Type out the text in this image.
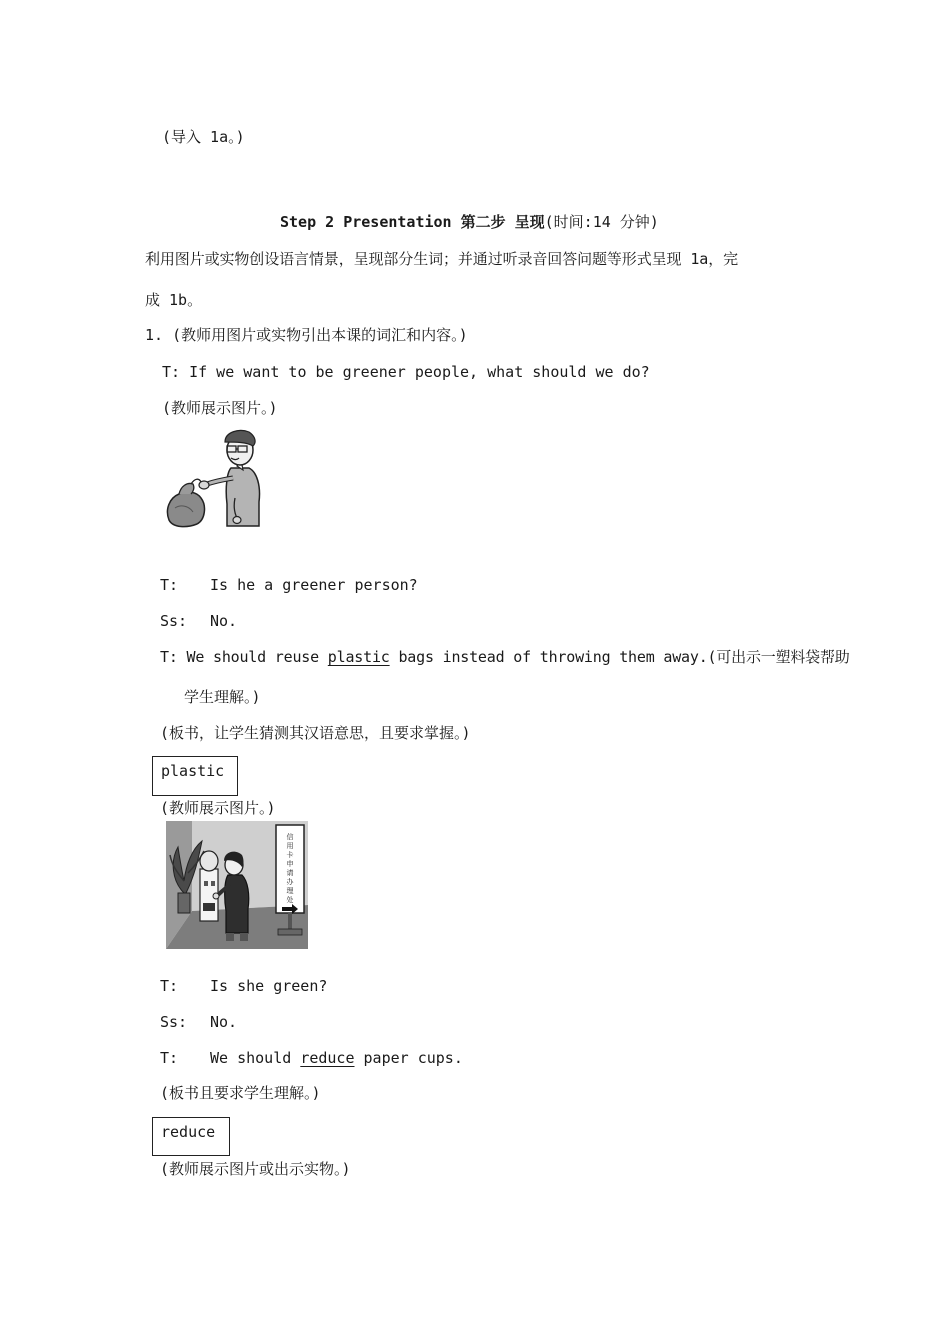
(导入 1a。)
Step 2 Presentation 第二步 呈现(时间:14 分钟)
利用图片或实物创设语言情景，呈现部分生词；并通过听录音回答问题等形式呈现 1a，完
成 1b。
1. (教师用图片或实物引出本课的词汇和内容。)
T: If we want to be greener people, what should we do?
(教师展示图片。)
T: Is he a greener person?
Ss: No.
T: We should reuse plastic bags instead of throwing them away.(可出示一塑料袋帮助
学生理解。)
(板书，让学生猜测其汉语意思，且要求掌握。)
plastic
(教师展示图片。)
信
用
卡
申
请
办
理
处
T: Is she green?
Ss: No.
T: We should reduce paper cups.
(板书且要求学生理解。)
reduce
(教师展示图片或出示实物。)
